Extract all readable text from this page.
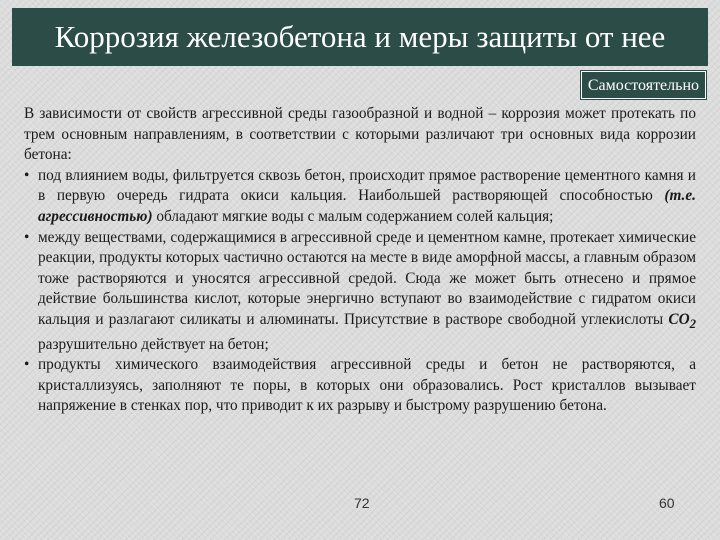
Коррозия железобетона и меры защиты от нее
Самостоятельно

В зависимости от свойств агрессивной среды газообразной и водной – коррозия может протекать по трем основным направлениям, в соответствии с которыми различают три основных вида коррозии бетона:

• под влиянием воды, фильтруется сквозь бетон, происходит прямое растворение цементного камня и в первую очередь гидрата окиси кальция. Наибольшей растворяющей способностью (т.е. агрессивностью) обладают мягкие воды с малым содержанием солей кальция;
• между веществами, содержащимися в агрессивной среде и цементном камне, протекает химические реакции, продукты которых частично остаются на месте в виде аморфной массы, а главным образом тоже растворяются и уносятся агрессивной средой. Сюда же может быть отнесено и прямое действие большинства кислот, которые энергично вступают во взаимодействие с гидратом окиси кальция и разлагают силикаты и алюминаты. Присутствие в растворе свободной углекислоты $CO_2$ разрушительно действует на бетон;
• продукты химического взаимодействия агрессивной среды и бетон не растворяются, а кристаллизуясь, заполняют те поры, в которых они образовались. Рост кристаллов вызывает напряжение в стенках пор, что приводит к их разрыву и быстрому разрушению бетона.
72	60
